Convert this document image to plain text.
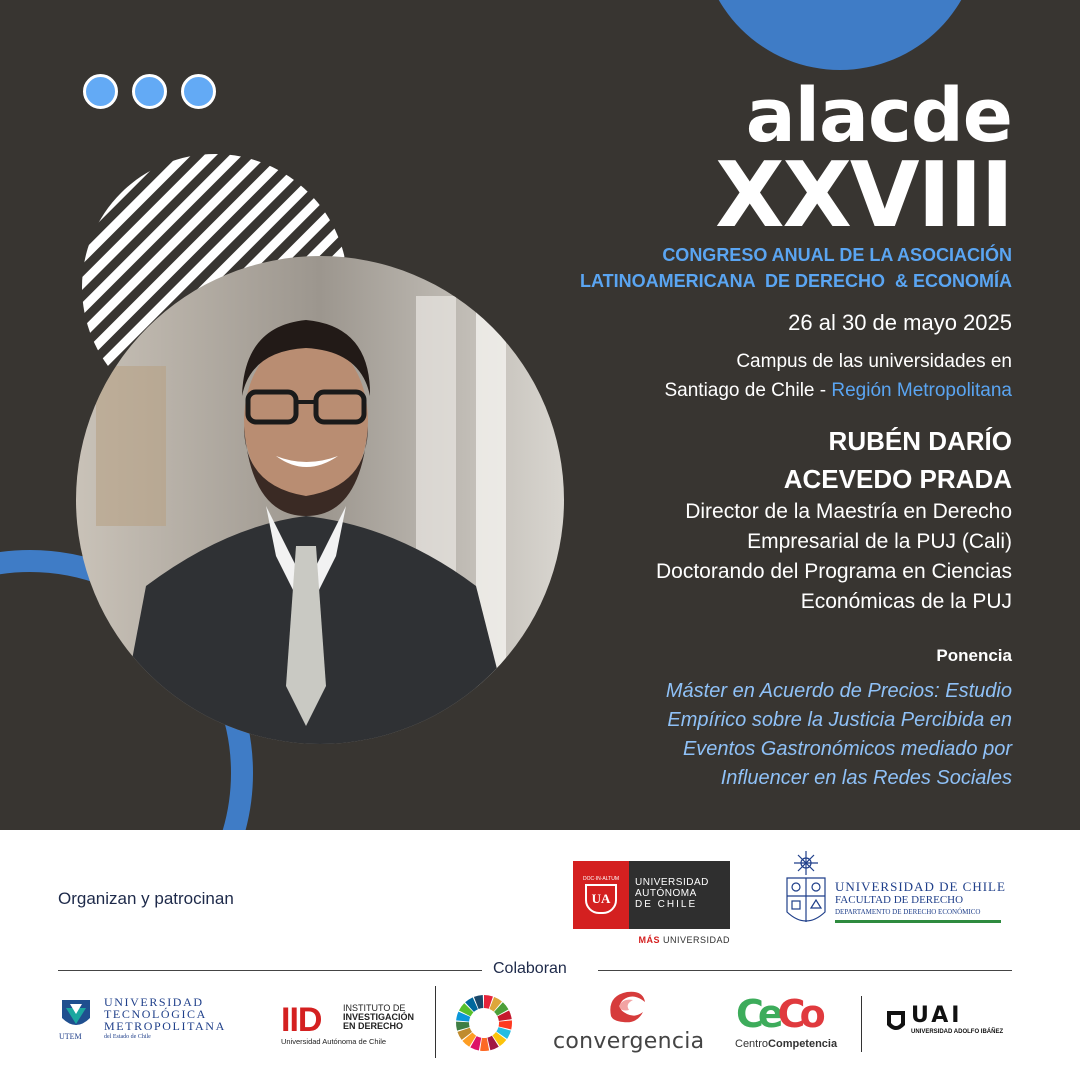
alacde
XXVIII
CONGRESO ANUAL DE LA ASOCIACIÓN
LATINOAMERICANA  DE DERECHO  & ECONOMÍA
26 al 30 de mayo 2025
Campus de las universidades en
Santiago de Chile - Región Metropolitana
RUBÉN DARÍO
ACEVEDO PRADA
Director de la Maestría en Derecho
Empresarial de la PUJ (Cali)
Doctorando del Programa en Ciencias
Económicas de la PUJ
Ponencia
Máster en Acuerdo de Precios: Estudio
Empírico sobre la Justicia Percibida en
Eventos Gastronómicos mediado por
Influencer en las Redes Sociales
Organizan y patrocinan
DOC·IN·ALTUM
UA
UNIVERSIDAD
AUTÓNOMA
DE CHILE
MÁS UNIVERSIDAD
UNIVERSIDAD DE CHILE
FACULTAD DE DERECHO
DEPARTAMENTO DE DERECHO ECONÓMICO
Colaboran
UTEM
UNIVERSIDAD
TECNOLÓGICA
METROPOLITANA
del Estado de Chile	IID INSTITUTO DE
INVESTIGACIÓN
EN DERECHO
Universidad Autónoma de Chile	convergencia
CeCo
CentroCompetencia
UAI
UNIVERSIDAD ADOLFO IBÁÑEZ
